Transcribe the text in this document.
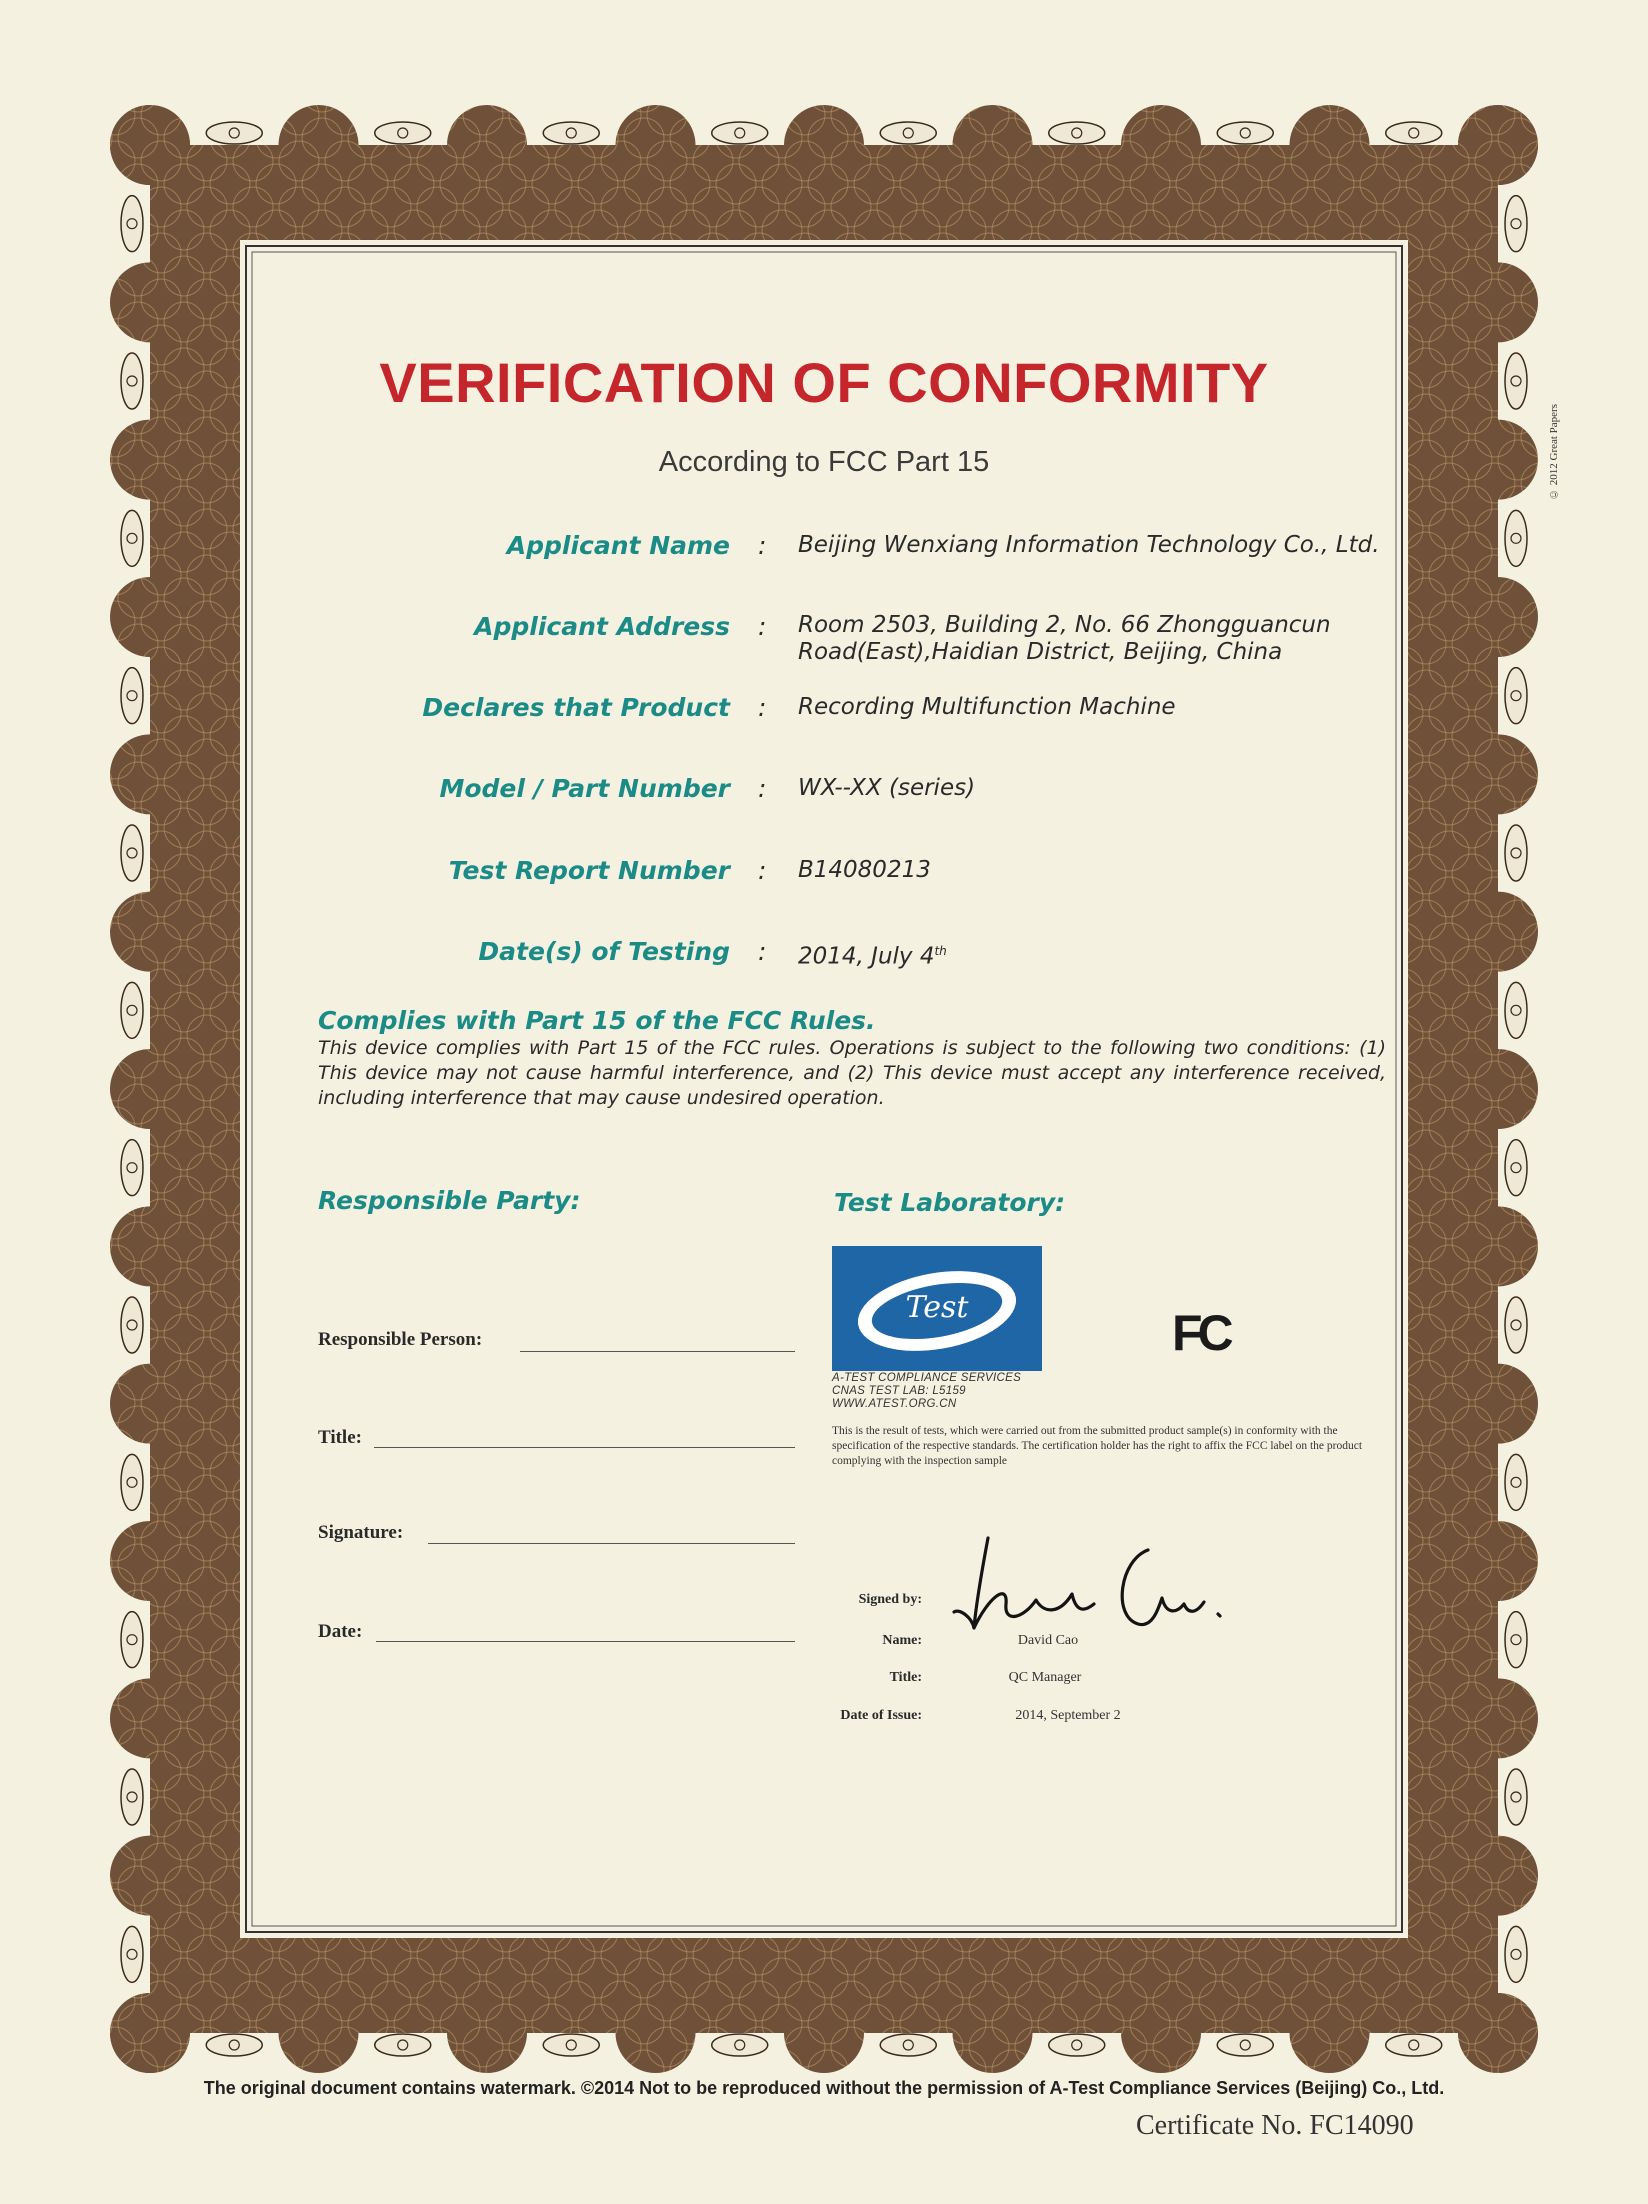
© 2012 Great Papers
VERIFICATION OF CONFORMITY
According to FCC Part 15
Applicant Name : Beijing Wenxiang Information Technology Co., Ltd.
Applicant Address : Room 2503, Building 2, No. 66 Zhongguancun
Road(East),Haidian District, Beijing, China
Declares that Product : Recording Multifunction Machine
Model / Part Number : WX--XX (series)
Test Report Number : B14080213
Date(s) of Testing : 2014, July 4th
Complies with Part 15 of the FCC Rules.
This device complies with Part 15 of the FCC rules. Operations is subject to the following two conditions: (1) This device may not cause harmful interference, and (2) This device must accept any interference received, including interference that may cause undesired operation.
Responsible Party:
Responsible Person:
Title:
Signature:
Date:
Test Laboratory:
Test
A-TEST COMPLIANCE SERVICES
CNAS TEST LAB: L5159
WWW.ATEST.ORG.CN
This is the result of tests, which were carried out from the submitted product sample(s) in conformity with the specification of the respective standards. The certification holder has the right to affix the FCC label on the product complying with the inspection sample
FC
Signed by:
Name:	David Cao
Title:	QC Manager
Date of Issue:	2014, September 2
The original document contains watermark. ©2014 Not to be reproduced without the permission of A-Test Compliance Services (Beijing) Co., Ltd.
Certificate No. FC14090
